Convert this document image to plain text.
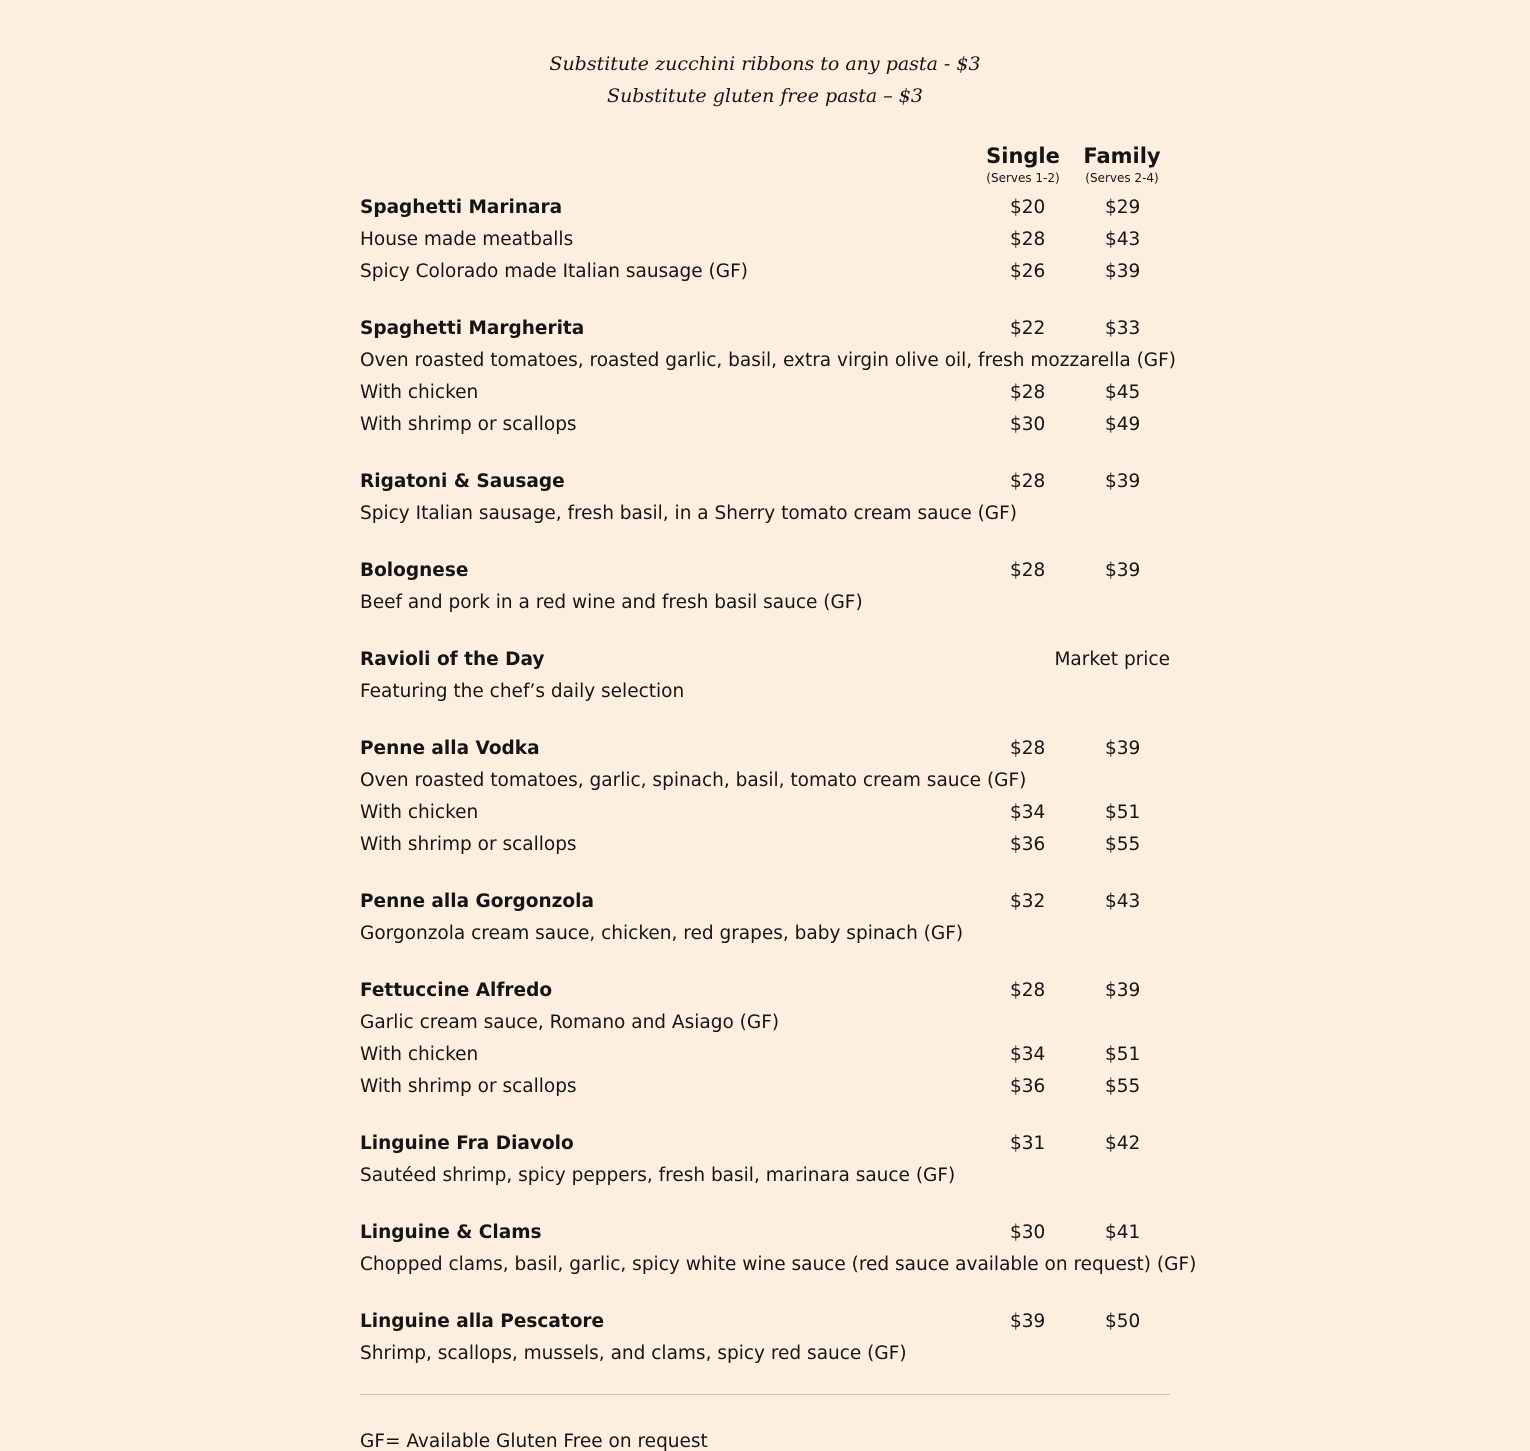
Substitute zucchini ribbons to any pasta - $3
Substitute gluten free pasta – $3
Single
(Serves 1-2)
Family
(Serves 2-4)
Spaghetti Marinara	$20	$29
House made meatballs	$28	$43
Spicy Colorado made Italian sausage (GF)	$26	$39
Spaghetti Margherita	$22	$33
Oven roasted tomatoes, roasted garlic, basil, extra virgin olive oil, fresh mozzarella (GF)
With chicken	$28	$45
With shrimp or scallops	$30	$49
Rigatoni & Sausage	$28	$39
Spicy Italian sausage, fresh basil, in a Sherry tomato cream sauce (GF)
Bolognese	$28	$39
Beef and pork in a red wine and fresh basil sauce (GF)
Ravioli of the Day	Market price
Featuring the chef’s daily selection
Penne alla Vodka	$28	$39
Oven roasted tomatoes, garlic, spinach, basil, tomato cream sauce (GF)
With chicken	$34	$51
With shrimp or scallops	$36	$55
Penne alla Gorgonzola	$32	$43
Gorgonzola cream sauce, chicken, red grapes, baby spinach (GF)
Fettuccine Alfredo	$28	$39
Garlic cream sauce, Romano and Asiago (GF)
With chicken	$34	$51
With shrimp or scallops	$36	$55
Linguine Fra Diavolo	$31	$42
Sautéed shrimp, spicy peppers, fresh basil, marinara sauce (GF)
Linguine & Clams	$30	$41
Chopped clams, basil, garlic, spicy white wine sauce (red sauce available on request) (GF)
Linguine alla Pescatore	$39	$50
Shrimp, scallops, mussels, and clams, spicy red sauce (GF)
GF= Available Gluten Free on request
